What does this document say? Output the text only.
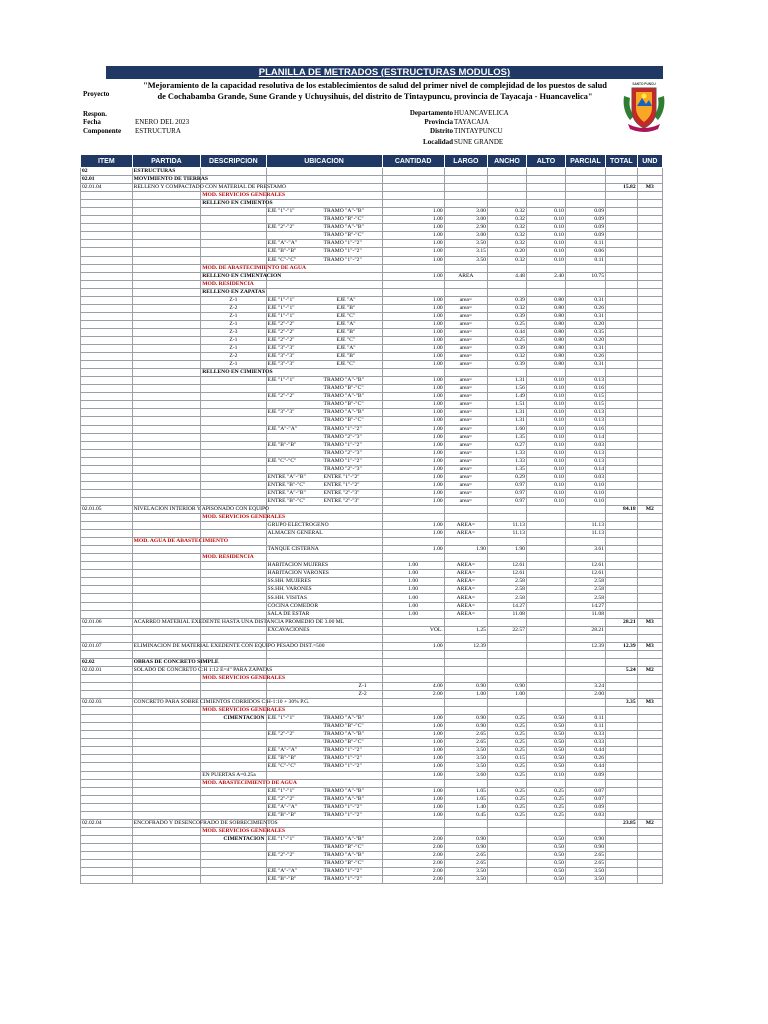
PLANILLA DE METRADOS (ESTRUCTURAS MODULOS)
"Mejoramiento de la capacidad resolutiva de los establecimientos de salud del primer nivel de complejidad de los puestos de salud de Cochabamba Grande, Sune Grande y Uchuysihuis, del distrito de Tintaypuncu, provincia de Tayacaja - Huancavelica"
Proyecto
Respon.
Fecha	ENERO DEL 2023
Componente ESTRUCTURA
Departamento HUANCAVELICA
Provincia TAYACAJA
Distrito TINTAYPUNCU
Localidad SUNE GRANDE
SANTO PUNCU
ITEM	PARTIDA	DESCRIPCION	UBICACION	CANTIDAD	LARGO	ANCHO	ALTO	PARCIAL	TOTAL	UND
02	ESTRUCTURAS									
02.01	MOVIMIENTO DE TIERRAS									
02.01.04	RELLENO Y COMPACTADO CON MATERIAL DE PRESTAMO								15.82	M3
		MOD. SERVICIOS GENERALES								
		RELLENO EN CIMIENTOS								
			EJE "1"-"1" TRAMO "A"-"B"	1.00	3.00	0.32	0.10	0.09		

			TRAMO "B"-"C"	1.00	3.00	0.32	0.10	0.09		
			EJE "2"-"2" TRAMO "A"-"B"	1.00	2.90	0.32	0.10	0.09		

			TRAMO "B"-"C"	1.00	3.00	0.32	0.10	0.09		
			EJE "A"-"A" TRAMO "1"-"2"	1.00	3.50	0.32	0.10	0.11		
			EJE "B"-"B" TRAMO "1"-"2"	1.00	3.15	0.20	0.10	0.06		
			EJE "C"-"C" TRAMO "1"-"2"	1.00	3.50	0.32	0.10	0.11		
		MOD. DE ABASTECIMIENTO DE AGUA								
		RELLENO EN CIMENTACION		1.00	AREA	4.48	2.40	10.75		
		MOD. RESIDENCIA								
		RELLENO EN ZAPATAS								
		Z-1	EJE "1"-"1" EJE "A"	1.00	area=	0.39	0.80	0.31		
		Z-2	EJE "1"-"1" EJE "B"	1.00	area=	0.32	0.80	0.26		
		Z-1	EJE "1"-"1" EJE "C"	1.00	area=	0.39	0.80	0.31		
		Z-1	EJE "2"-"2" EJE "A"	1.00	area=	0.25	0.80	0.20		
		Z-3	EJE "2"-"2" EJE "B"	1.00	area=	0.44	0.80	0.35		
		Z-1	EJE "2"-"2" EJE "C"	1.00	area=	0.25	0.80	0.20		
		Z-1	EJE "3"-"3" EJE "A"	1.00	area=	0.39	0.80	0.31		
		Z-2	EJE "3"-"3" EJE "B"	1.00	area=	0.32	0.80	0.26		
		Z-1	EJE "3"-"3" EJE "C"	1.00	area=	0.39	0.80	0.31		
		RELLENO EN CIMIENTOS								
			EJE "1"-"1" TRAMO "A"-"B"	1.00	area=	1.31	0.10	0.13		

			TRAMO "B"-"C"	1.00	area=	1.56	0.10	0.16		
			EJE "2"-"2" TRAMO "A"-"B"	1.00	area=	1.49	0.10	0.15		

			TRAMO "B"-"C"	1.00	area=	1.51	0.10	0.15		
			EJE "3"-"3" TRAMO "A"-"B"	1.00	area=	1.31	0.10	0.13		

			TRAMO "B"-"C"	1.00	area=	1.31	0.10	0.13		
			EJE "A"-"A" TRAMO "1"-"2"	1.00	area=	1.60	0.10	0.16		

			TRAMO "2"-"3"	1.00	area=	1.35	0.10	0.14		
			EJE "B"-"B" TRAMO "1"-"2"	1.00	area=	0.27	0.10	0.03		

			TRAMO "2"-"3"	1.00	area=	1.33	0.10	0.13		
			EJE "C"-"C" TRAMO "1"-"2"	1.00	area=	1.33	0.10	0.13		

			TRAMO "2"-"3"	1.00	area=	1.35	0.10	0.14		
			ENTRE "A"-"B" ENTRE "1"-"2"	1.00	area=	0.29	0.10	0.03		
			ENTRE "B"-"C" ENTRE "1"-"2"	1.00	area=	0.97	0.10	0.10		
			ENTRE "A"-"B" ENTRE "2"-"3"	1.00	area=	0.97	0.10	0.10		
			ENTRE "B"-"C" ENTRE "2"-"3"	1.00	area=	0.97	0.10	0.10		
02.01.05	NIVELACION INTERIOR Y APISONADO CON EQUIPO								84.18	M2
		MOD. SERVICIOS GENERALES								
			GRUPO ELECTROGENO	1.00	AREA=	11.13		11.13		
			ALMACEN GENERAL	1.00	AREA=	11.13		11.13		
	MOD. AGUA DE ABASTECIMIENTO									
			TANQUE CISTERNA	1.00	1.90	1.90		3.61		
		MOD. RESIDENCIA								
			HABITACION MUJERES	1.00	AREA=	12.61		12.61		
			HABITACION VARONES	1.00	AREA=	12.61		12.61		
			SS.HH. MUJERES	1.00	AREA=	2.58		2.58		
			SS.HH. VARONES	1.00	AREA=	2.58		2.58		
			SS.HH. VISITAS	1.00	AREA=	2.58		2.58		
			COCINA COMEDOR	1.00	AREA=	14.27		14.27		
			SALA DE ESTAR	1.00	AREA=	11.08		11.08		
02.01.06	ACARREO MATERIAL EXEDENTE HASTA UNA DISTANCIA PROMEDIO DE 3.00 ML								28.21	M3
			EXCAVACIONES	VOL.	1.25	22.57		28.21		

02.01.07	ELIMINACION DE MATERIAL EXEDENTE CON EQUIPO PESADO DIST.=500			1.00	12.39			12.39	12.39	M3

02.02	OBRAS DE CONCRETO SIMPLE									
02.02.01	SOLADO DE CONCRETO C:H 1:12 E=4" PARA ZAPATAS								5.24	M2
		MOD. SERVICIOS GENERALES								

			Z-1	4.00	0.90	0.90		3.24		

			Z-2	2.00	1.00	1.00		2.00		
02.02.03	CONCRETO PARA SOBRE CIMIENTOS CORRIDOS C:H-1:10 + 30% P.G.								3.35	M3
		MOD. SERVICIOS GENERALES								
		CIMENTACION	EJE "1"-"1" TRAMO "A"-"B"	1.00	0.90	0.25	0.50	0.11		

			TRAMO "B"-"C"	1.00	0.90	0.25	0.50	0.11		
			EJE "2"-"2" TRAMO "A"-"B"	1.00	2.65	0.25	0.50	0.33		

			TRAMO "B"-"C"	1.00	2.65	0.25	0.50	0.33		
			EJE "A"-"A" TRAMO "1"-"2"	1.00	3.50	0.25	0.50	0.44		
			EJE "B"-"B" TRAMO "1"-"2"	1.00	3.50	0.15	0.50	0.26		
			EJE "C"-"C" TRAMO "1"-"2"	1.00	3.50	0.25	0.50	0.44		
		EN PUERTAS A=0.25a		1.00	3.60	0.25	0.10	0.09		
		MOD. ABASTECIMIENTO DE AGUA								
			EJE "1"-"1" TRAMO "A"-"B"	1.00	1.05	0.25	0.25	0.07		
			EJE "2"-"2" TRAMO "A"-"B"	1.00	1.05	0.25	0.25	0.07		
			EJE "A"-"A" TRAMO "1"-"2"	1.00	1.40	0.25	0.25	0.09		
			EJE "B"-"B" TRAMO "1"-"2"	1.00	0.45	0.25	0.25	0.03		
02.02.04	ENCOFRADO Y DESENCOFRADO DE SOBRECIMIENTOS								23.85	M2
		MOD. SERVICIOS GENERALES								
		CIMENTACION	EJE "1"-"1" TRAMO "A"-"B"	2.00	0.90		0.50	0.90		

			TRAMO "B"-"C"	2.00	0.90		0.50	0.90		
			EJE "2"-"2" TRAMO "A"-"B"	2.00	2.65		0.50	2.65		

			TRAMO "B"-"C"	2.00	2.65		0.50	2.65		
			EJE "A"-"A" TRAMO "1"-"2"	2.00	3.50		0.50	3.50		
			EJE "B"-"B" TRAMO "1"-"2"	2.00	3.50		0.50	3.50		
